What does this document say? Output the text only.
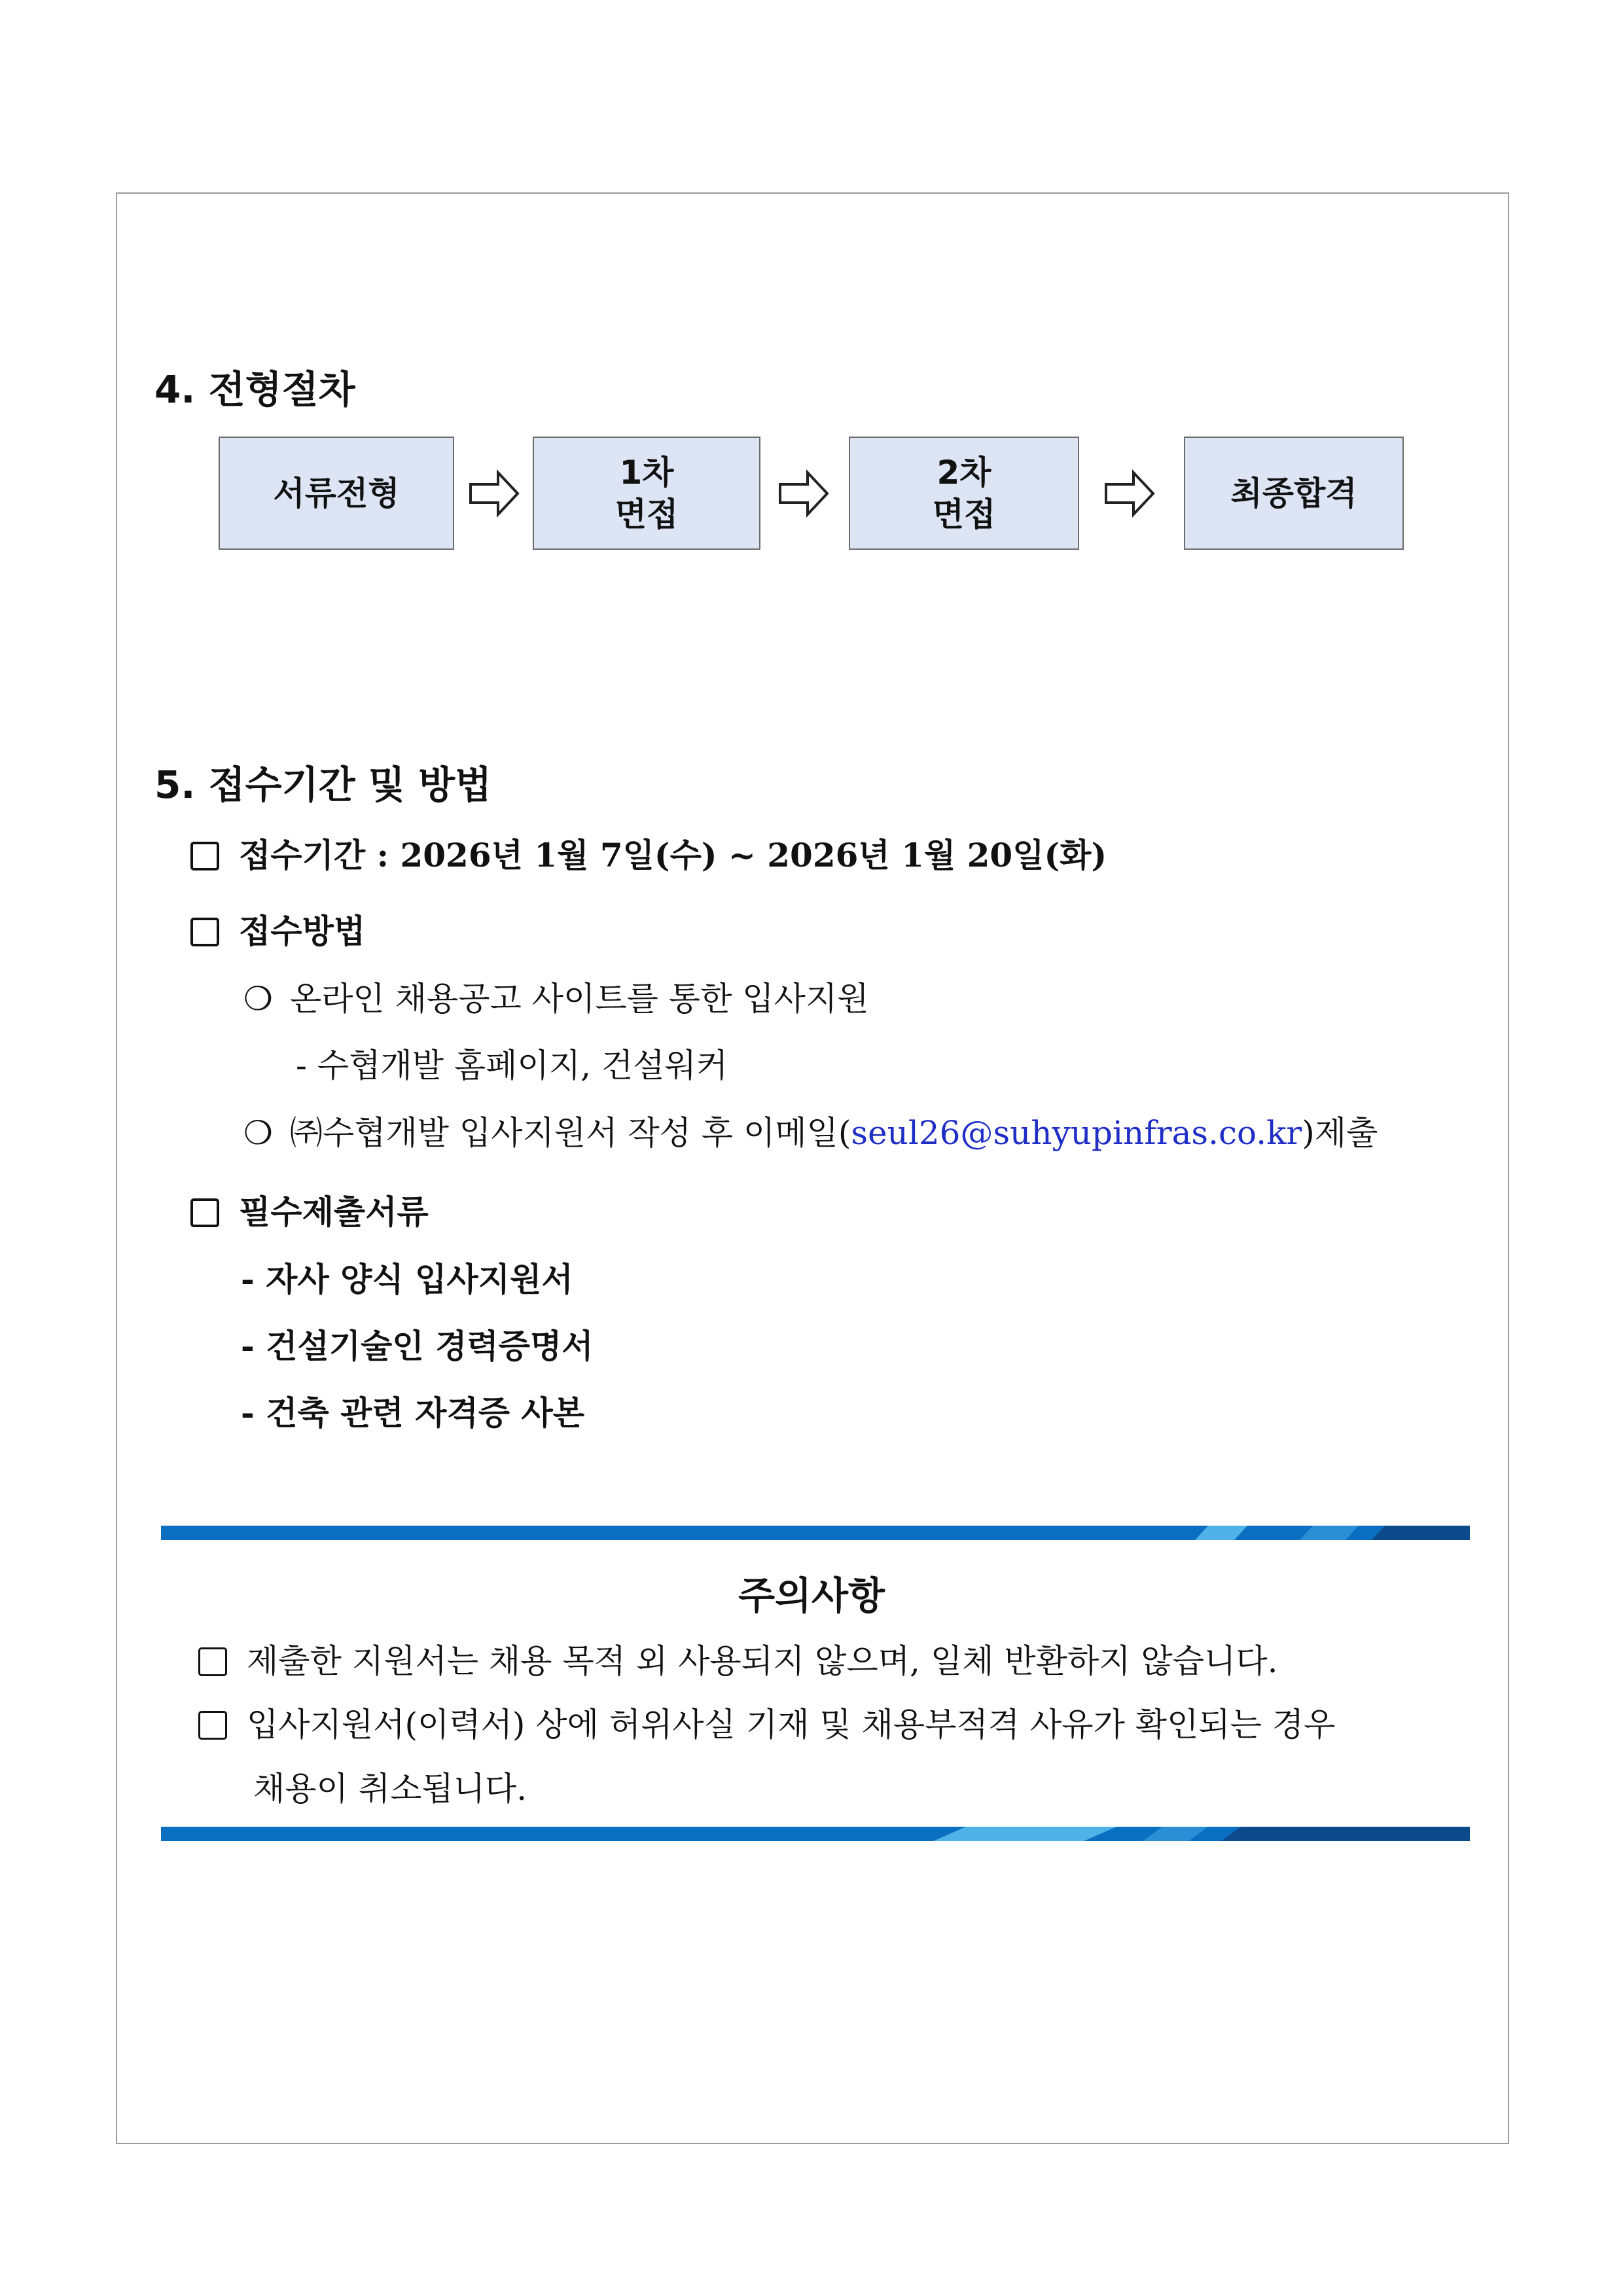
4. 전형절차
서류전형
1차
면접
2차
면접
최종합격
5. 접수기간 및 방법
접수기간 : 2026년 1월 7일(수) ~ 2026년 1월 20일(화)
접수방법
❍ 온라인 채용공고 사이트를 통한 입사지원
- 수협개발 홈페이지, 건설워커
❍ ㈜수협개발 입사지원서 작성 후 이메일(seul26@suhyupinfras.co.kr)제출
필수제출서류
- 자사 양식 입사지원서
- 건설기술인 경력증명서
- 건축 관련 자격증 사본
주의사항
제출한 지원서는 채용 목적 외 사용되지 않으며, 일체 반환하지 않습니다.
입사지원서(이력서) 상에 허위사실 기재 및 채용부적격 사유가 확인되는 경우
채용이 취소됩니다.
